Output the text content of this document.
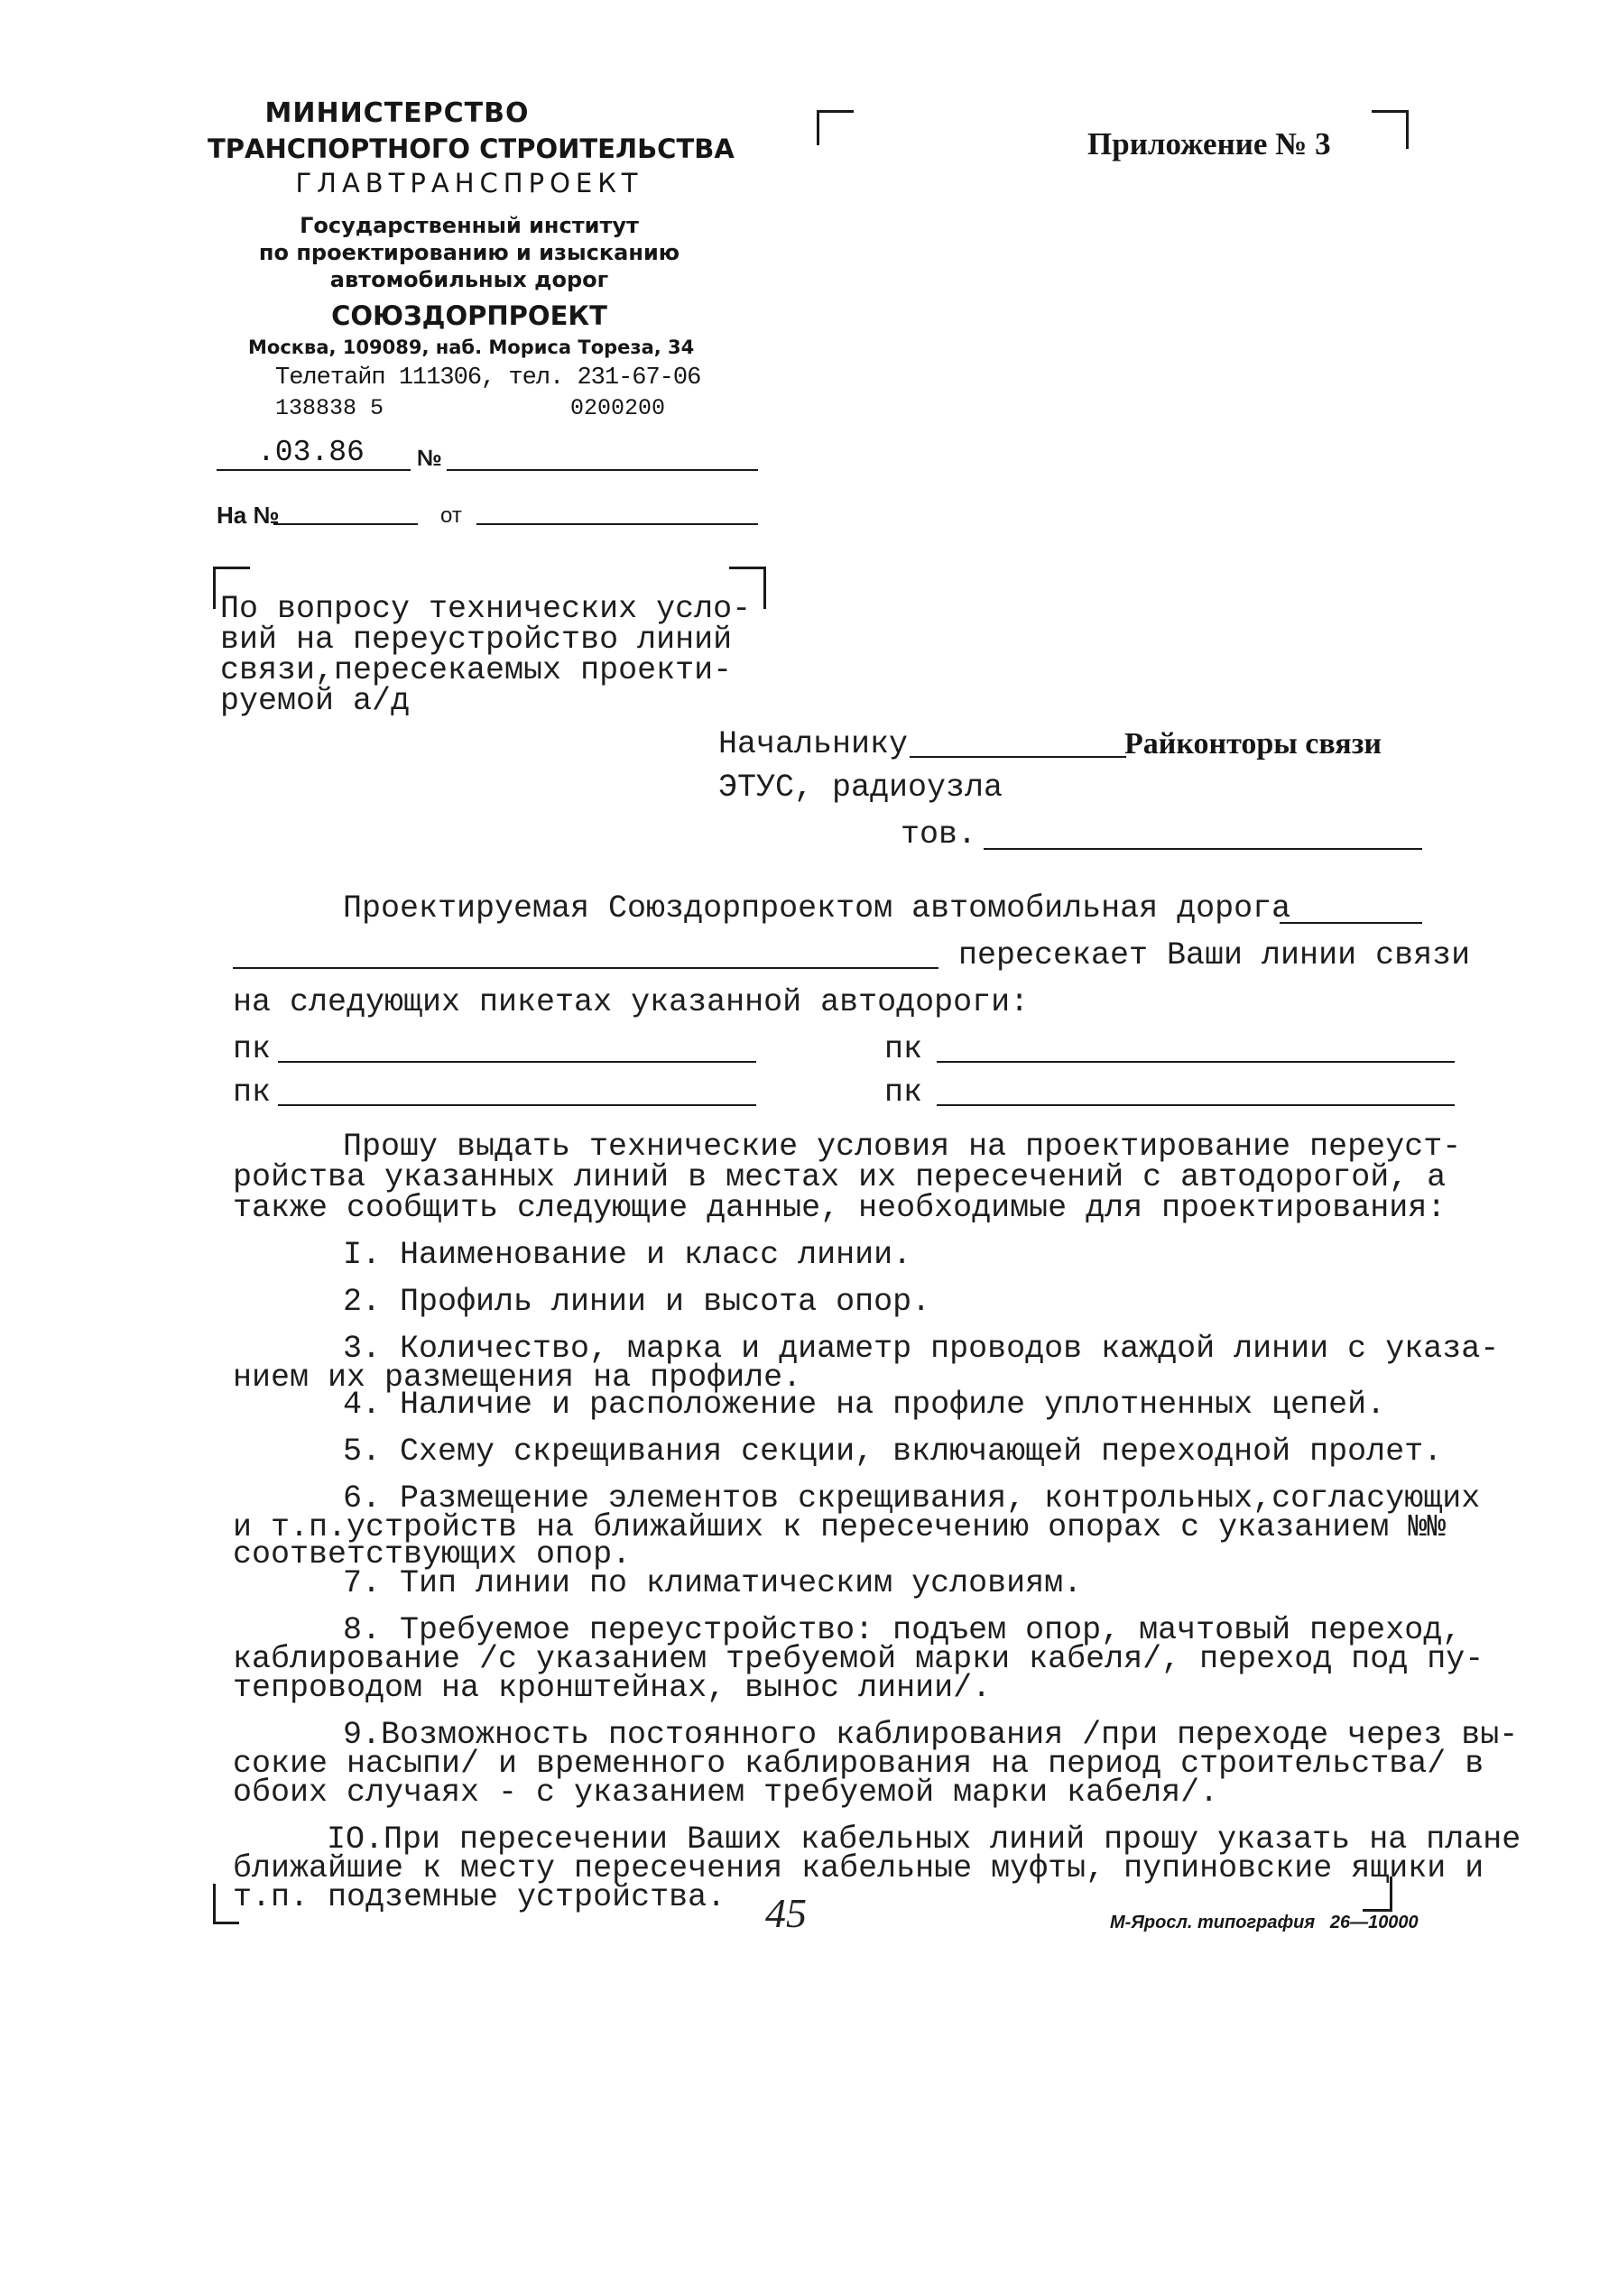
МИНИСТЕРСТВО
ТРАНСПОРТНОГО СТРОИТЕЛЬСТВА
ГЛАВТРАНСПРОЕКТ
Государственный институт
по проектированию и изысканию
автомобильных дорог
СОЮЗДОРПРОЕКТ
Москва, 109089, наб. Мориса Тореза, 34
Телетайп 111306, тел. 231-67-06
138838 5	0200200
.03.86 №
На №	от
Приложение № 3
По вопросу технических усло-
вий на переустройство линий
связи,пересекаемых проекти-
руемой а/д
Начальнику	Райконторы связи
ЭТУС, радиоузла
тов.
Проектируемая Союздорпроектом автомобильная дорога
пересекает Ваши линии связи
на следующих пикетах указанной автодороги:
пк	пк
пк	пк
Прошу выдать технические условия на проектирование переуст-
ройства указанных линий в местах их пересечений с автодорогой, а
также сообщить следующие данные, необходимые для проектирования:
I. Наименование и класс линии.
2. Профиль линии и высота опор.
3. Количество, марка и диаметр проводов каждой линии с указа-
нием их размещения на профиле.
4. Наличие и расположение на профиле уплотненных цепей.
5. Схему скрещивания секции, включающей переходной пролет.
6. Размещение элементов скрещивания, контрольных,согласующих
и т.п.устройств на ближайших к пересечению опорах с указанием №№
соответствующих опор.
7. Тип линии по климатическим условиям.
8. Требуемое переустройство: подъем опор, мачтовый переход,
каблирование /с указанием требуемой марки кабеля/, переход под пу-
тепроводом на кронштейнах, вынос линии/.
9.Возможность постоянного каблирования /при переходе через вы-
сокие насыпи/ и временного каблирования на период строительства/ в
обоих случаях - с указанием требуемой марки кабеля/.
IO.При пересечении Ваших кабельных линий прошу указать на плане
ближайшие к месту пересечения кабельные муфты, пупиновские ящики и
т.п. подземные устройства. 45	М-Яросл. типография   26—10000
